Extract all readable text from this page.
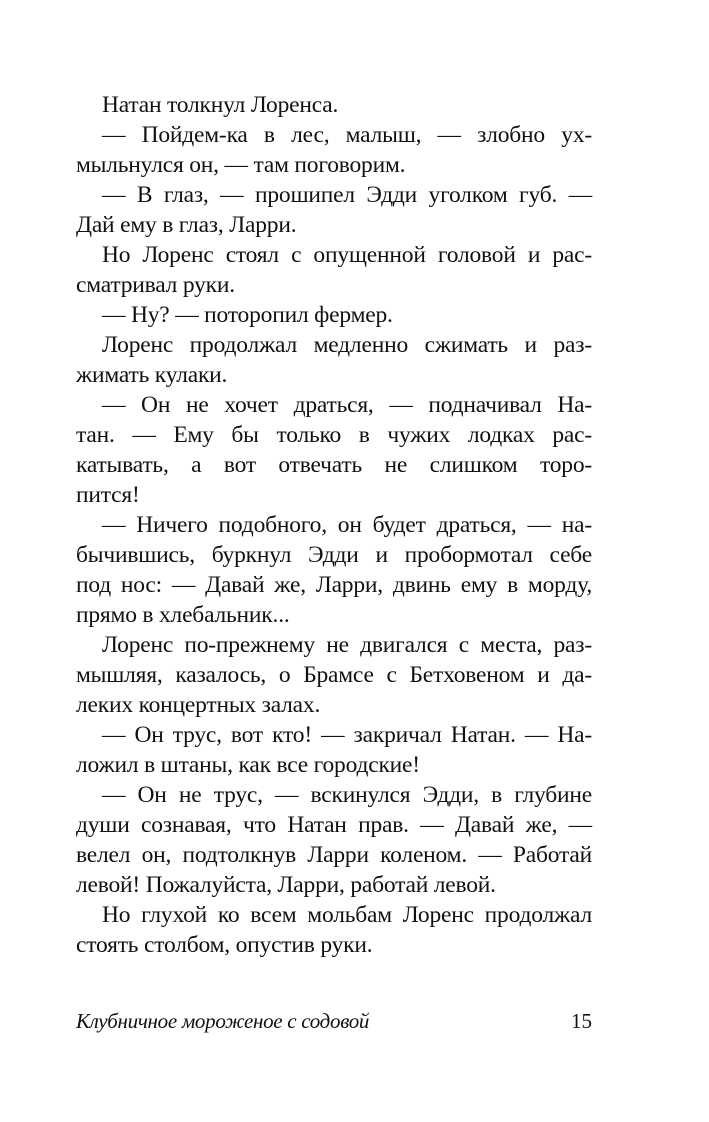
Натан толкнул Лоренса.
— Пойдем-ка в лес, малыш, — злобно ух-
мыльнулся он, — там поговорим.
— В глаз, — прошипел Эдди уголком губ. —
Дай ему в глаз, Ларри.
Но Лоренс стоял с опущенной головой и рас-
сматривал руки.
— Ну? — поторопил фермер.
Лоренс продолжал медленно сжимать и раз-
жимать кулаки.
— Он не хочет драться, — подначивал На-
тан. — Ему бы только в чужих лодках рас-
катывать, а вот отвечать не слишком торо-
пится!
— Ничего подобного, он будет драться, — на-
бычившись, буркнул Эдди и пробормотал себе
под нос: — Давай же, Ларри, двинь ему в морду,
прямо в хлебальник...
Лоренс по-прежнему не двигался с места, раз-
мышляя, казалось, о Брамсе с Бетховеном и да-
леких концертных залах.
— Он трус, вот кто! — закричал Натан. — На-
ложил в штаны, как все городские!
— Он не трус, — вскинулся Эдди, в глубине
души сознавая, что Натан прав. — Давай же, —
велел он, подтолкнув Ларри коленом. — Работай
левой! Пожалуйста, Ларри, работай левой.
Но глухой ко всем мольбам Лоренс продолжал
стоять столбом, опустив руки.
Клубничное мороженое с содовой	15
